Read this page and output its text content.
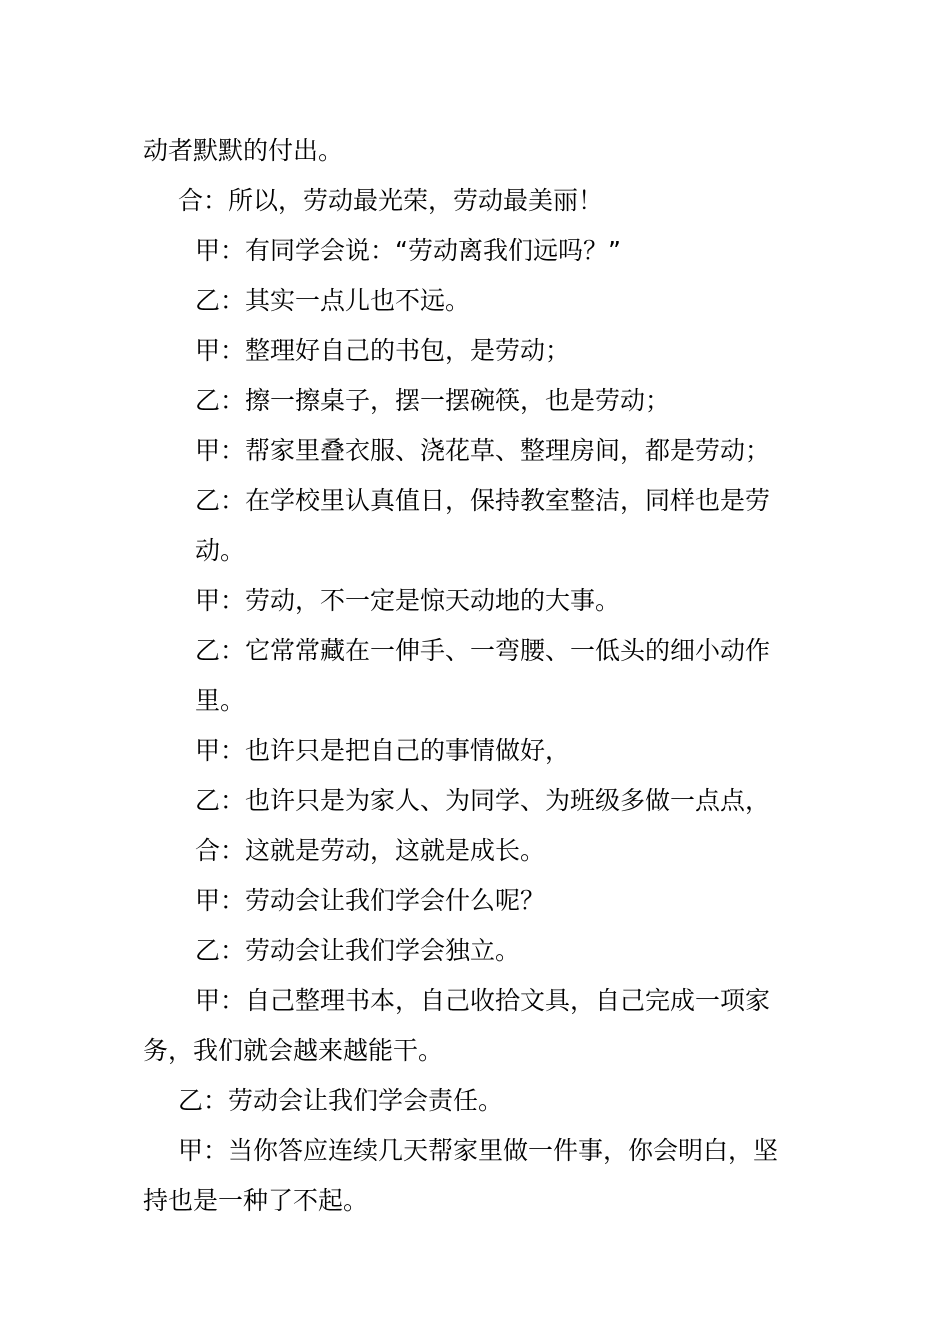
动者默默的付出。
合：所以，劳动最光荣，劳动最美丽！
甲：有同学会说：“劳动离我们远吗？”
乙：其实一点儿也不远。
甲：整理好自己的书包，是劳动；
乙：擦一擦桌子，摆一摆碗筷，也是劳动；
甲：帮家里叠衣服、浇花草、整理房间，都是劳动；
乙：在学校里认真值日，保持教室整洁，同样也是劳
动。
甲：劳动，不一定是惊天动地的大事。
乙：它常常藏在一伸手、一弯腰、一低头的细小动作
里。
甲：也许只是把自己的事情做好，
乙：也许只是为家人、为同学、为班级多做一点点，
合：这就是劳动，这就是成长。
甲：劳动会让我们学会什么呢？
乙：劳动会让我们学会独立。
甲：自己整理书本，自己收拾文具，自己完成一项家
务，我们就会越来越能干。
乙：劳动会让我们学会责任。
甲：当你答应连续几天帮家里做一件事，你会明白，坚
持也是一种了不起。
